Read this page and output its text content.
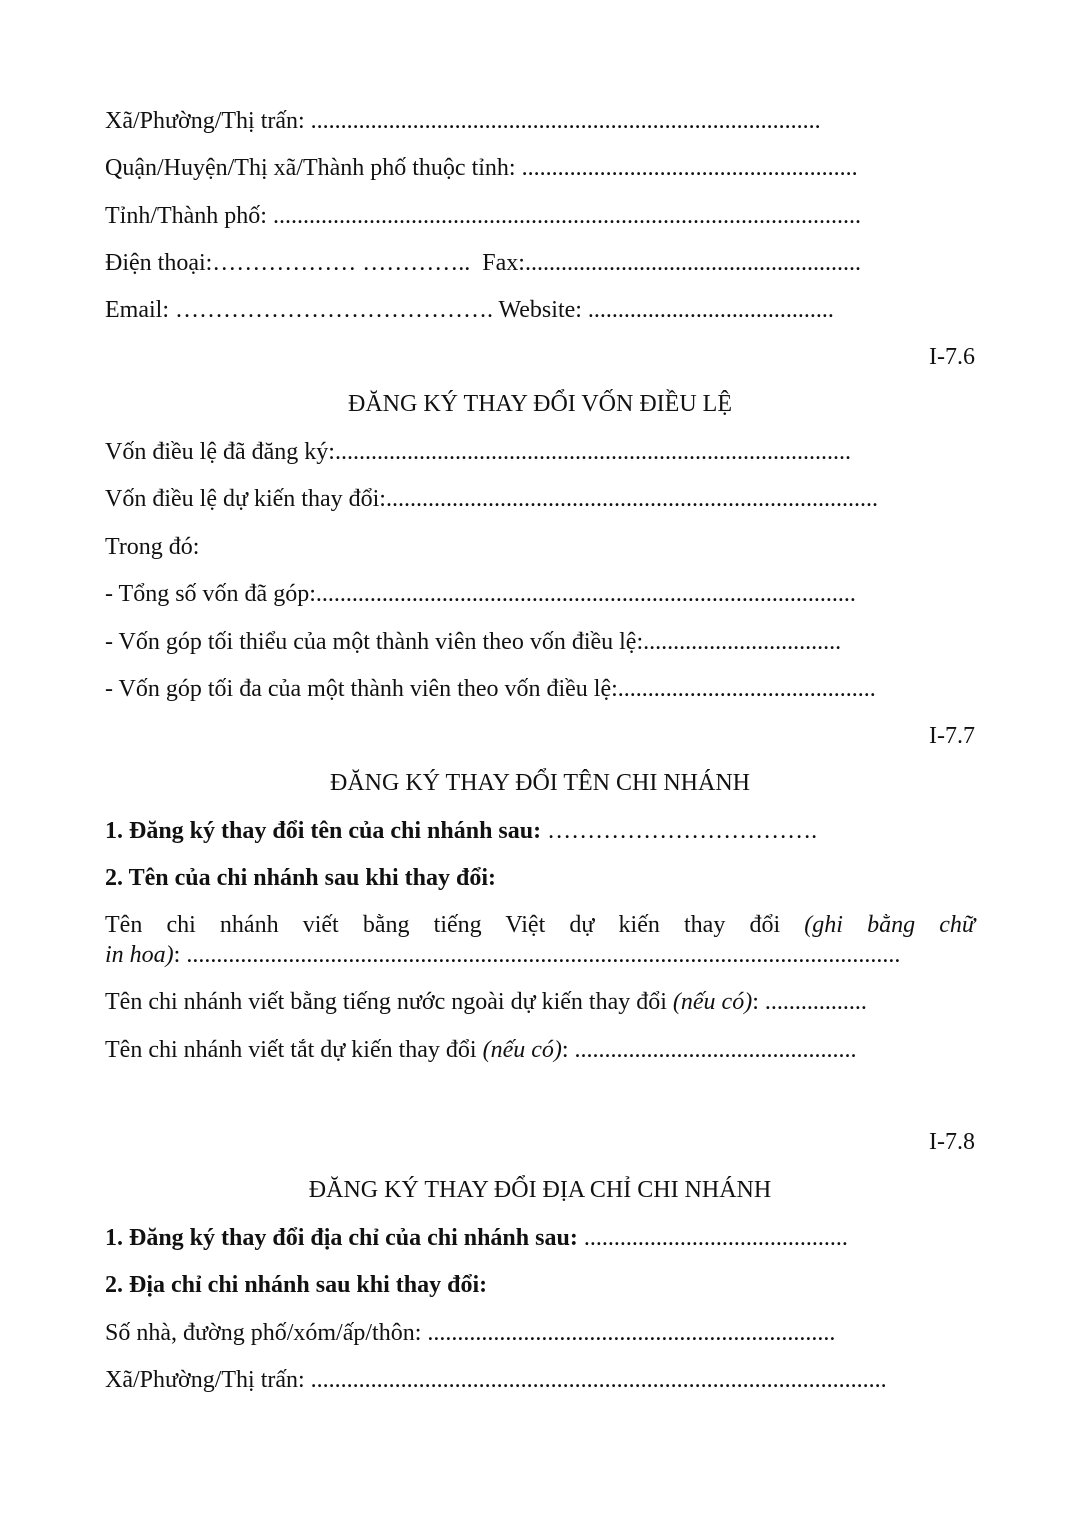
Xã/Phường/Thị trấn: .....................................................................................
Quận/Huyện/Thị xã/Thành phố thuộc tỉnh: ........................................................
Tỉnh/Thành phố: ..................................................................................................
Điện thoại:……………… …………..  Fax:........................................................
Email: …………………………………. Website: .........................................
I-7.6
ĐĂNG KÝ THAY ĐỔI VỐN ĐIỀU LỆ
Vốn điều lệ đã đăng ký:......................................................................................
Vốn điều lệ dự kiến thay đổi:..................................................................................
Trong đó:
- Tổng số vốn đã góp:..........................................................................................
- Vốn góp tối thiểu của một thành viên theo vốn điều lệ:.................................
- Vốn góp tối đa của một thành viên theo vốn điều lệ:...........................................
I-7.7
ĐĂNG KÝ THAY ĐỔI TÊN CHI NHÁNH
1. Đăng ký thay đổi tên của chi nhánh sau: …………………………….
2. Tên của chi nhánh sau khi thay đổi:
Tên chi nhánh viết bằng tiếng Việt dự kiến thay đổi (ghi bằng chữ
in hoa): .......................................................................................................................
Tên chi nhánh viết bằng tiếng nước ngoài dự kiến thay đổi (nếu có): .................
Tên chi nhánh viết tắt dự kiến thay đổi (nếu có): ...............................................
I-7.8
ĐĂNG KÝ THAY ĐỔI ĐỊA CHỈ CHI NHÁNH
1. Đăng ký thay đổi địa chỉ của chi nhánh sau: ............................................
2. Địa chỉ chi nhánh sau khi thay đổi:
Số nhà, đường phố/xóm/ấp/thôn: ....................................................................
Xã/Phường/Thị trấn: ................................................................................................
